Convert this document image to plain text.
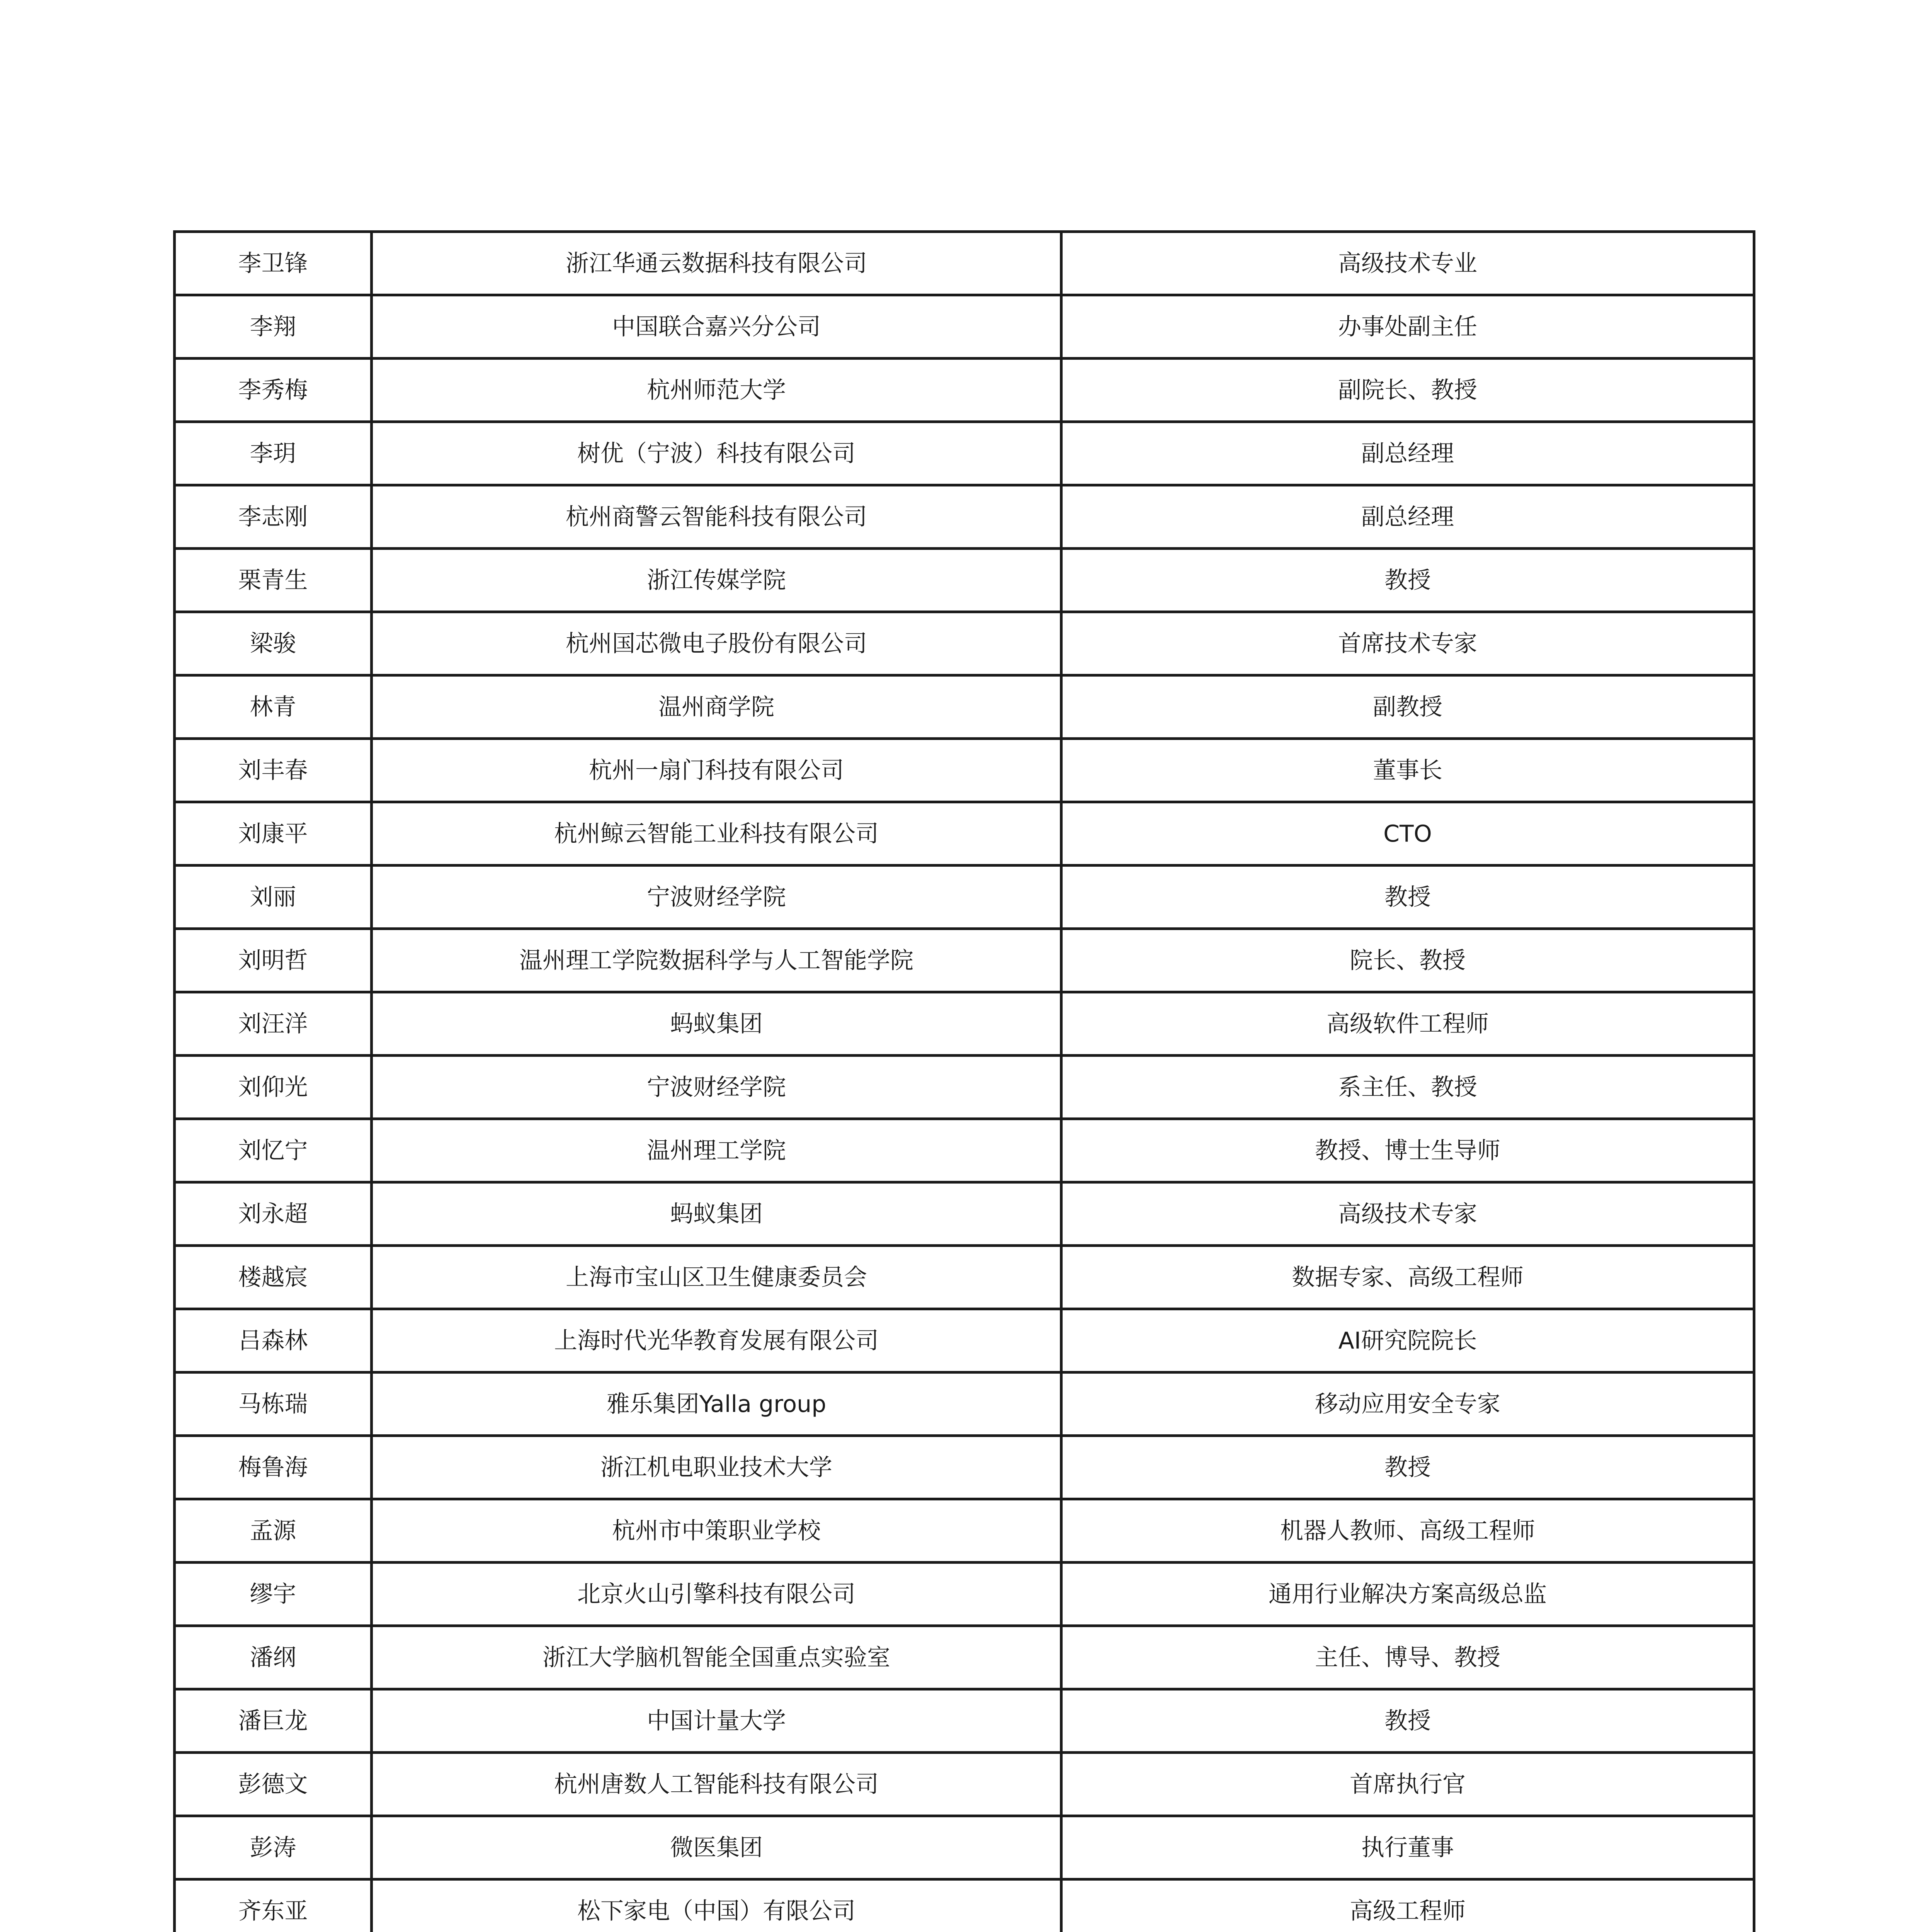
李卫锋	浙江华通云数据科技有限公司	高级技术专业
李翔	中国联合嘉兴分公司	办事处副主任
李秀梅	杭州师范大学	副院长、教授
李玥	树优（宁波）科技有限公司	副总经理
李志刚	杭州商警云智能科技有限公司	副总经理
栗青生	浙江传媒学院	教授
梁骏	杭州国芯微电子股份有限公司	首席技术专家
林青	温州商学院	副教授
刘丰春	杭州一扇门科技有限公司	董事长
刘康平	杭州鲸云智能工业科技有限公司	CTO
刘丽	宁波财经学院	教授
刘明哲	温州理工学院数据科学与人工智能学院	院长、教授
刘汪洋	蚂蚁集团	高级软件工程师
刘仰光	宁波财经学院	系主任、教授
刘忆宁	温州理工学院	教授、博士生导师
刘永超	蚂蚁集团	高级技术专家
楼越宸	上海市宝山区卫生健康委员会	数据专家、高级工程师
吕森林	上海时代光华教育发展有限公司	AI研究院院长
马栋瑞	雅乐集团Yalla group	移动应用安全专家
梅鲁海	浙江机电职业技术大学	教授
孟源	杭州市中策职业学校	机器人教师、高级工程师
缪宇	北京火山引擎科技有限公司	通用行业解决方案高级总监
潘纲	浙江大学脑机智能全国重点实验室	主任、博导、教授
潘巨龙	中国计量大学	教授
彭德文	杭州唐数人工智能科技有限公司	首席执行官
彭涛	微医集团	执行董事
齐东亚	松下家电（中国）有限公司	高级工程师
